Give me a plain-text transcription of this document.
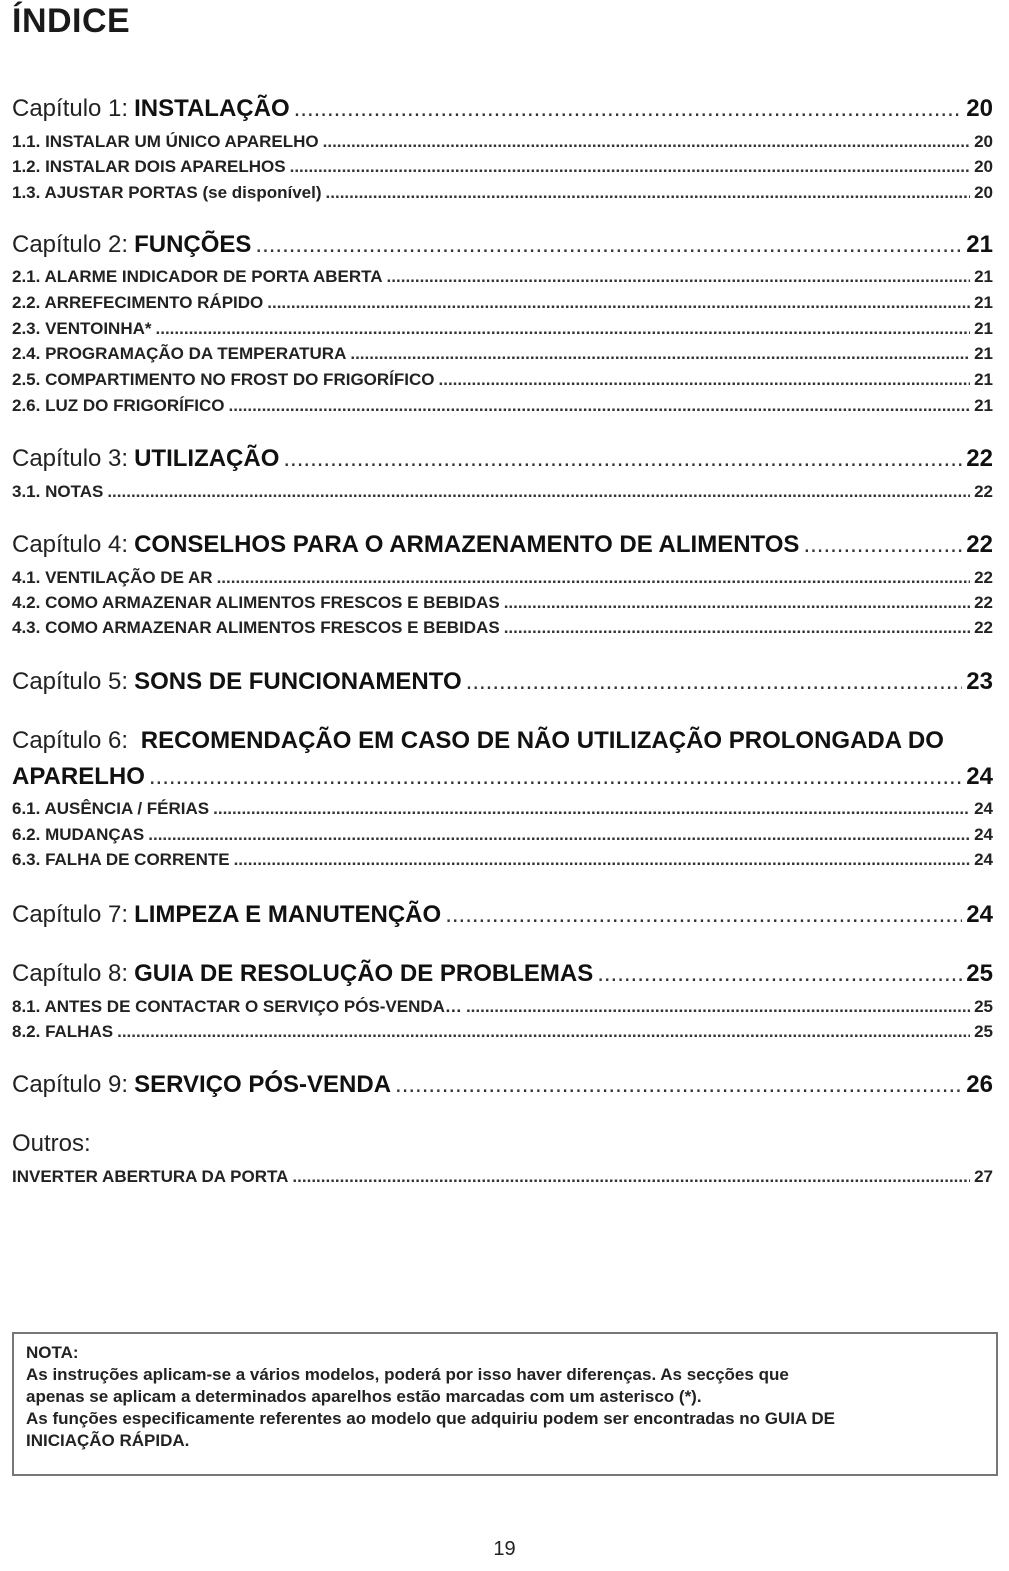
ÍNDICE
Capítulo 1: INSTALAÇÃO .....	20
1.1. INSTALAR UM ÚNICO APARELHO .....	20
1.2. INSTALAR DOIS APARELHOS .....	20
1.3. AJUSTAR PORTAS (se disponível) .....	20
Capítulo 2: FUNÇÕES .....	21
2.1. ALARME INDICADOR DE PORTA ABERTA .....	21
2.2. ARREFECIMENTO RÁPIDO .....	21
2.3. VENTOINHA* .....	21
2.4. PROGRAMAÇÃO DA TEMPERATURA .....	21
2.5. COMPARTIMENTO NO FROST DO FRIGORÍFICO .....	21
2.6. LUZ DO FRIGORÍFICO .....	21
Capítulo 3: UTILIZAÇÃO .....	22
3.1. NOTAS .....	22
Capítulo 4: CONSELHOS PARA O ARMAZENAMENTO DE ALIMENTOS .....	22
4.1. VENTILAÇÃO DE AR .....	22
4.2. COMO ARMAZENAR ALIMENTOS FRESCOS E BEBIDAS .....	22
4.3. COMO ARMAZENAR ALIMENTOS FRESCOS E BEBIDAS .....	22
Capítulo 5: SONS DE FUNCIONAMENTO .....	23
Capítulo 6: RECOMENDAÇÃO EM CASO DE NÃO UTILIZAÇÃO PROLONGADA DO
APARELHO .....	24
6.1. AUSÊNCIA / FÉRIAS .....	24
6.2. MUDANÇAS .....	24
6.3. FALHA DE CORRENTE .....	24
Capítulo 7: LIMPEZA E MANUTENÇÃO .....	24
Capítulo 8: GUIA DE RESOLUÇÃO DE PROBLEMAS .....	25
8.1. ANTES DE CONTACTAR O SERVIÇO PÓS-VENDA… .....	25
8.2. FALHAS .....	25
Capítulo 9: SERVIÇO PÓS-VENDA .....	26
Outros:
INVERTER ABERTURA DA PORTA .....	27

NOTA:

As instruções aplicam-se a vários modelos, poderá por isso haver diferenças. As secções que

apenas se aplicam a determinados aparelhos estão marcadas com um asterisco (*).

As funções especificamente referentes ao modelo que adquiriu podem ser encontradas no GUIA DE

INICIAÇÃO RÁPIDA.

19
